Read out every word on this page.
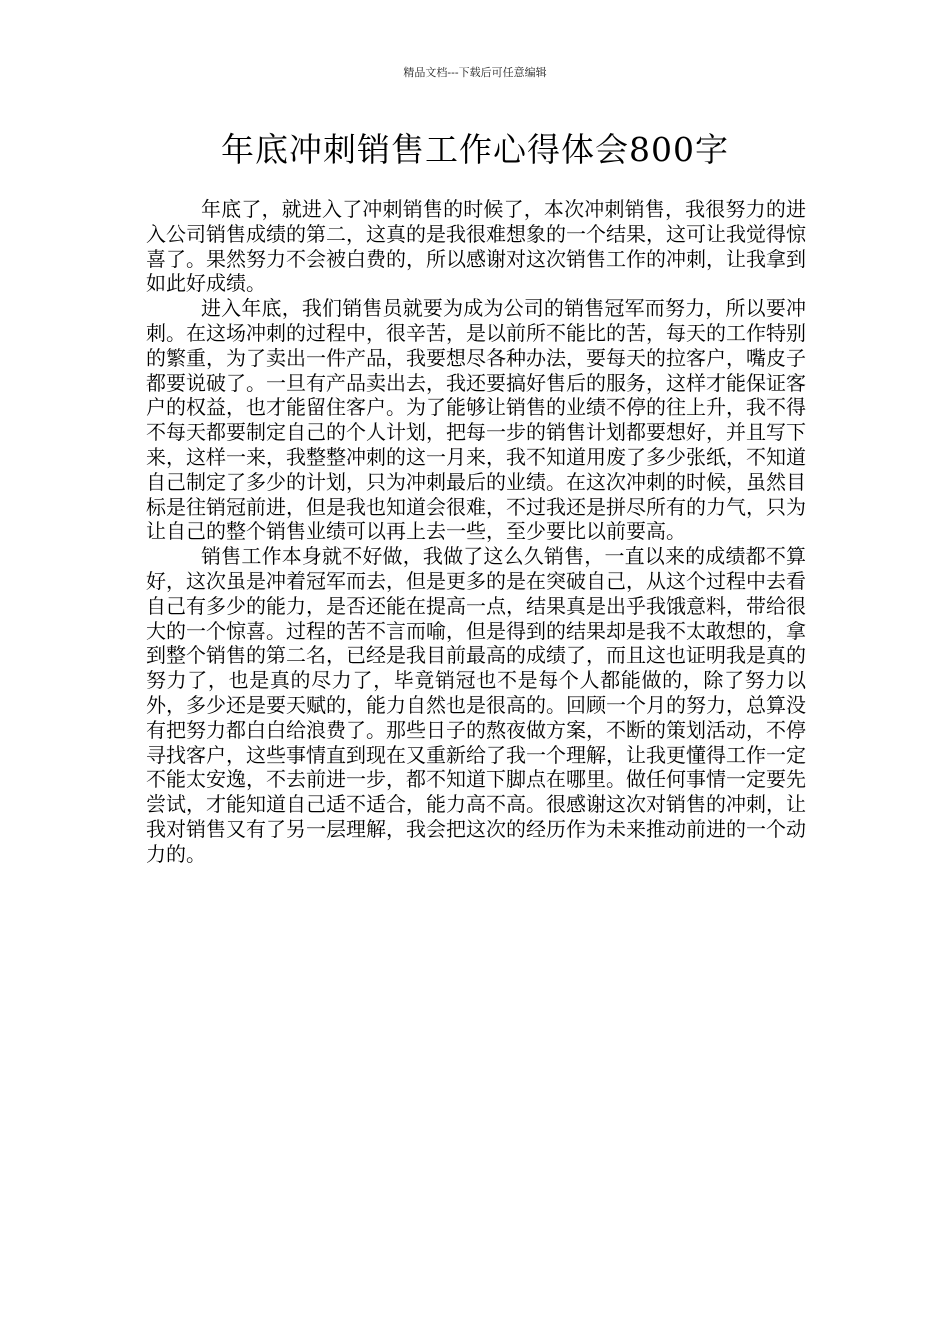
精品文档---下载后可任意编辑
年底冲刺销售工作心得体会800字

年底了，就进入了冲刺销售的时候了，本次冲刺销售，我很努力的进入公司销售成绩的第二，这真的是我很难想象的一个结果，这可让我觉得惊喜了。果然努力不会被白费的，所以感谢对这次销售工作的冲刺，让我拿到如此好成绩。

进入年底，我们销售员就要为成为公司的销售冠军而努力，所以要冲刺。在这场冲刺的过程中，很辛苦，是以前所不能比的苦，每天的工作特别的繁重，为了卖出一件产品，我要想尽各种办法，要每天的拉客户，嘴皮子都要说破了。一旦有产品卖出去，我还要搞好售后的服务，这样才能保证客户的权益，也才能留住客户。为了能够让销售的业绩不停的往上升，我不得不每天都要制定自己的个人计划，把每一步的销售计划都要想好，并且写下来，这样一来，我整整冲刺的这一月来，我不知道用废了多少张纸，不知道自己制定了多少的计划，只为冲刺最后的业绩。在这次冲刺的时候，虽然目标是往销冠前进，但是我也知道会很难，不过我还是拼尽所有的力气，只为让自己的整个销售业绩可以再上去一些，至少要比以前要高。

销售工作本身就不好做，我做了这么久销售，一直以来的成绩都不算好，这次虽是冲着冠军而去，但是更多的是在突破自己，从这个过程中去看自己有多少的能力，是否还能在提高一点，结果真是出乎我饿意料，带给很大的一个惊喜。过程的苦不言而喻，但是得到的结果却是我不太敢想的，拿到整个销售的第二名，已经是我目前最高的成绩了，而且这也证明我是真的努力了，也是真的尽力了，毕竟销冠也不是每个人都能做的，除了努力以外，多少还是要天赋的，能力自然也是很高的。回顾一个月的努力，总算没有把努力都白白给浪费了。那些日子的熬夜做方案，不断的策划活动，不停寻找客户，这些事情直到现在又重新给了我一个理解，让我更懂得工作一定不能太安逸，不去前进一步，都不知道下脚点在哪里。做任何事情一定要先尝试，才能知道自己适不适合，能力高不高。很感谢这次对销售的冲刺，让我对销售又有了另一层理解，我会把这次的经历作为未来推动前进的一个动力的。
